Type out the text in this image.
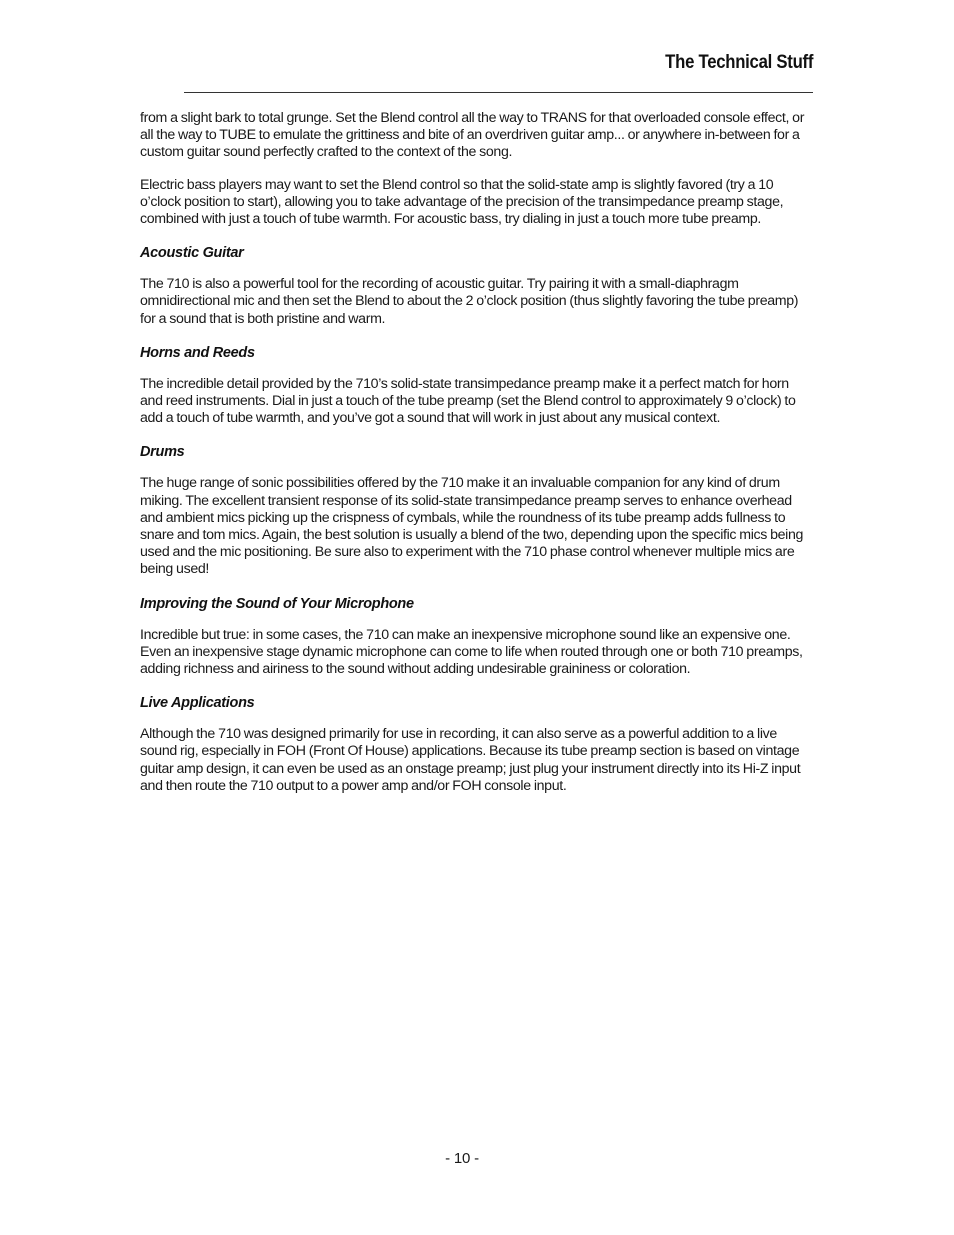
The Technical Stuff

from a slight bark to total grunge. Set the Blend control all the way to TRANS for that overloaded console effect, or all the way to TUBE to emulate the grittiness and bite of an overdriven guitar amp... or anywhere in-between for a custom guitar sound perfectly crafted to the context of the song.

Electric bass players may want to set the Blend control so that the solid-state amp is slightly favored (try a 10 o’clock position to start), allowing you to take advantage of the precision of the transimpedance preamp stage, combined with just a touch of tube warmth. For acoustic bass, try dialing in just a touch more tube preamp.

Acoustic Guitar

The 710 is also a powerful tool for the recording of acoustic guitar. Try pairing it with a small-diaphragm omnidirectional mic and then set the Blend to about the 2 o’clock position (thus slightly favoring the tube preamp) for a sound that is both pristine and warm.

Horns and Reeds

The incredible detail provided by the 710’s solid-state transimpedance preamp make it a perfect match for horn and reed instruments. Dial in just a touch of the tube preamp (set the Blend control to approximately 9 o’clock) to add a touch of tube warmth, and you’ve got a sound that will work in just about any musical context.

Drums

The huge range of sonic possibilities offered by the 710 make it an invaluable companion for any kind of drum miking. The excellent transient response of its solid-state transimpedance preamp serves to enhance overhead and ambient mics picking up the crispness of cymbals, while the roundness of its tube preamp adds fullness to snare and tom mics. Again, the best solution is usually a blend of the two, depending upon the specific mics being used and the mic positioning. Be sure also to experiment with the 710 phase control whenever multiple mics are being used!

Improving the Sound of Your Microphone

Incredible but true: in some cases, the 710 can make an inexpensive microphone sound like an expensive one. Even an inexpensive stage dynamic microphone can come to life when routed through one or both 710 preamps, adding richness and airiness to the sound without adding undesirable graininess or coloration.

Live Applications

Although the 710 was designed primarily for use in recording, it can also serve as a powerful addition to a live sound rig, especially in FOH (Front Of House) applications. Because its tube preamp section is based on vintage guitar amp design, it can even be used as an onstage preamp; just plug your instrument directly into its Hi-Z input and then route the 710 output to a power amp and/or FOH console input.

- 10 -
